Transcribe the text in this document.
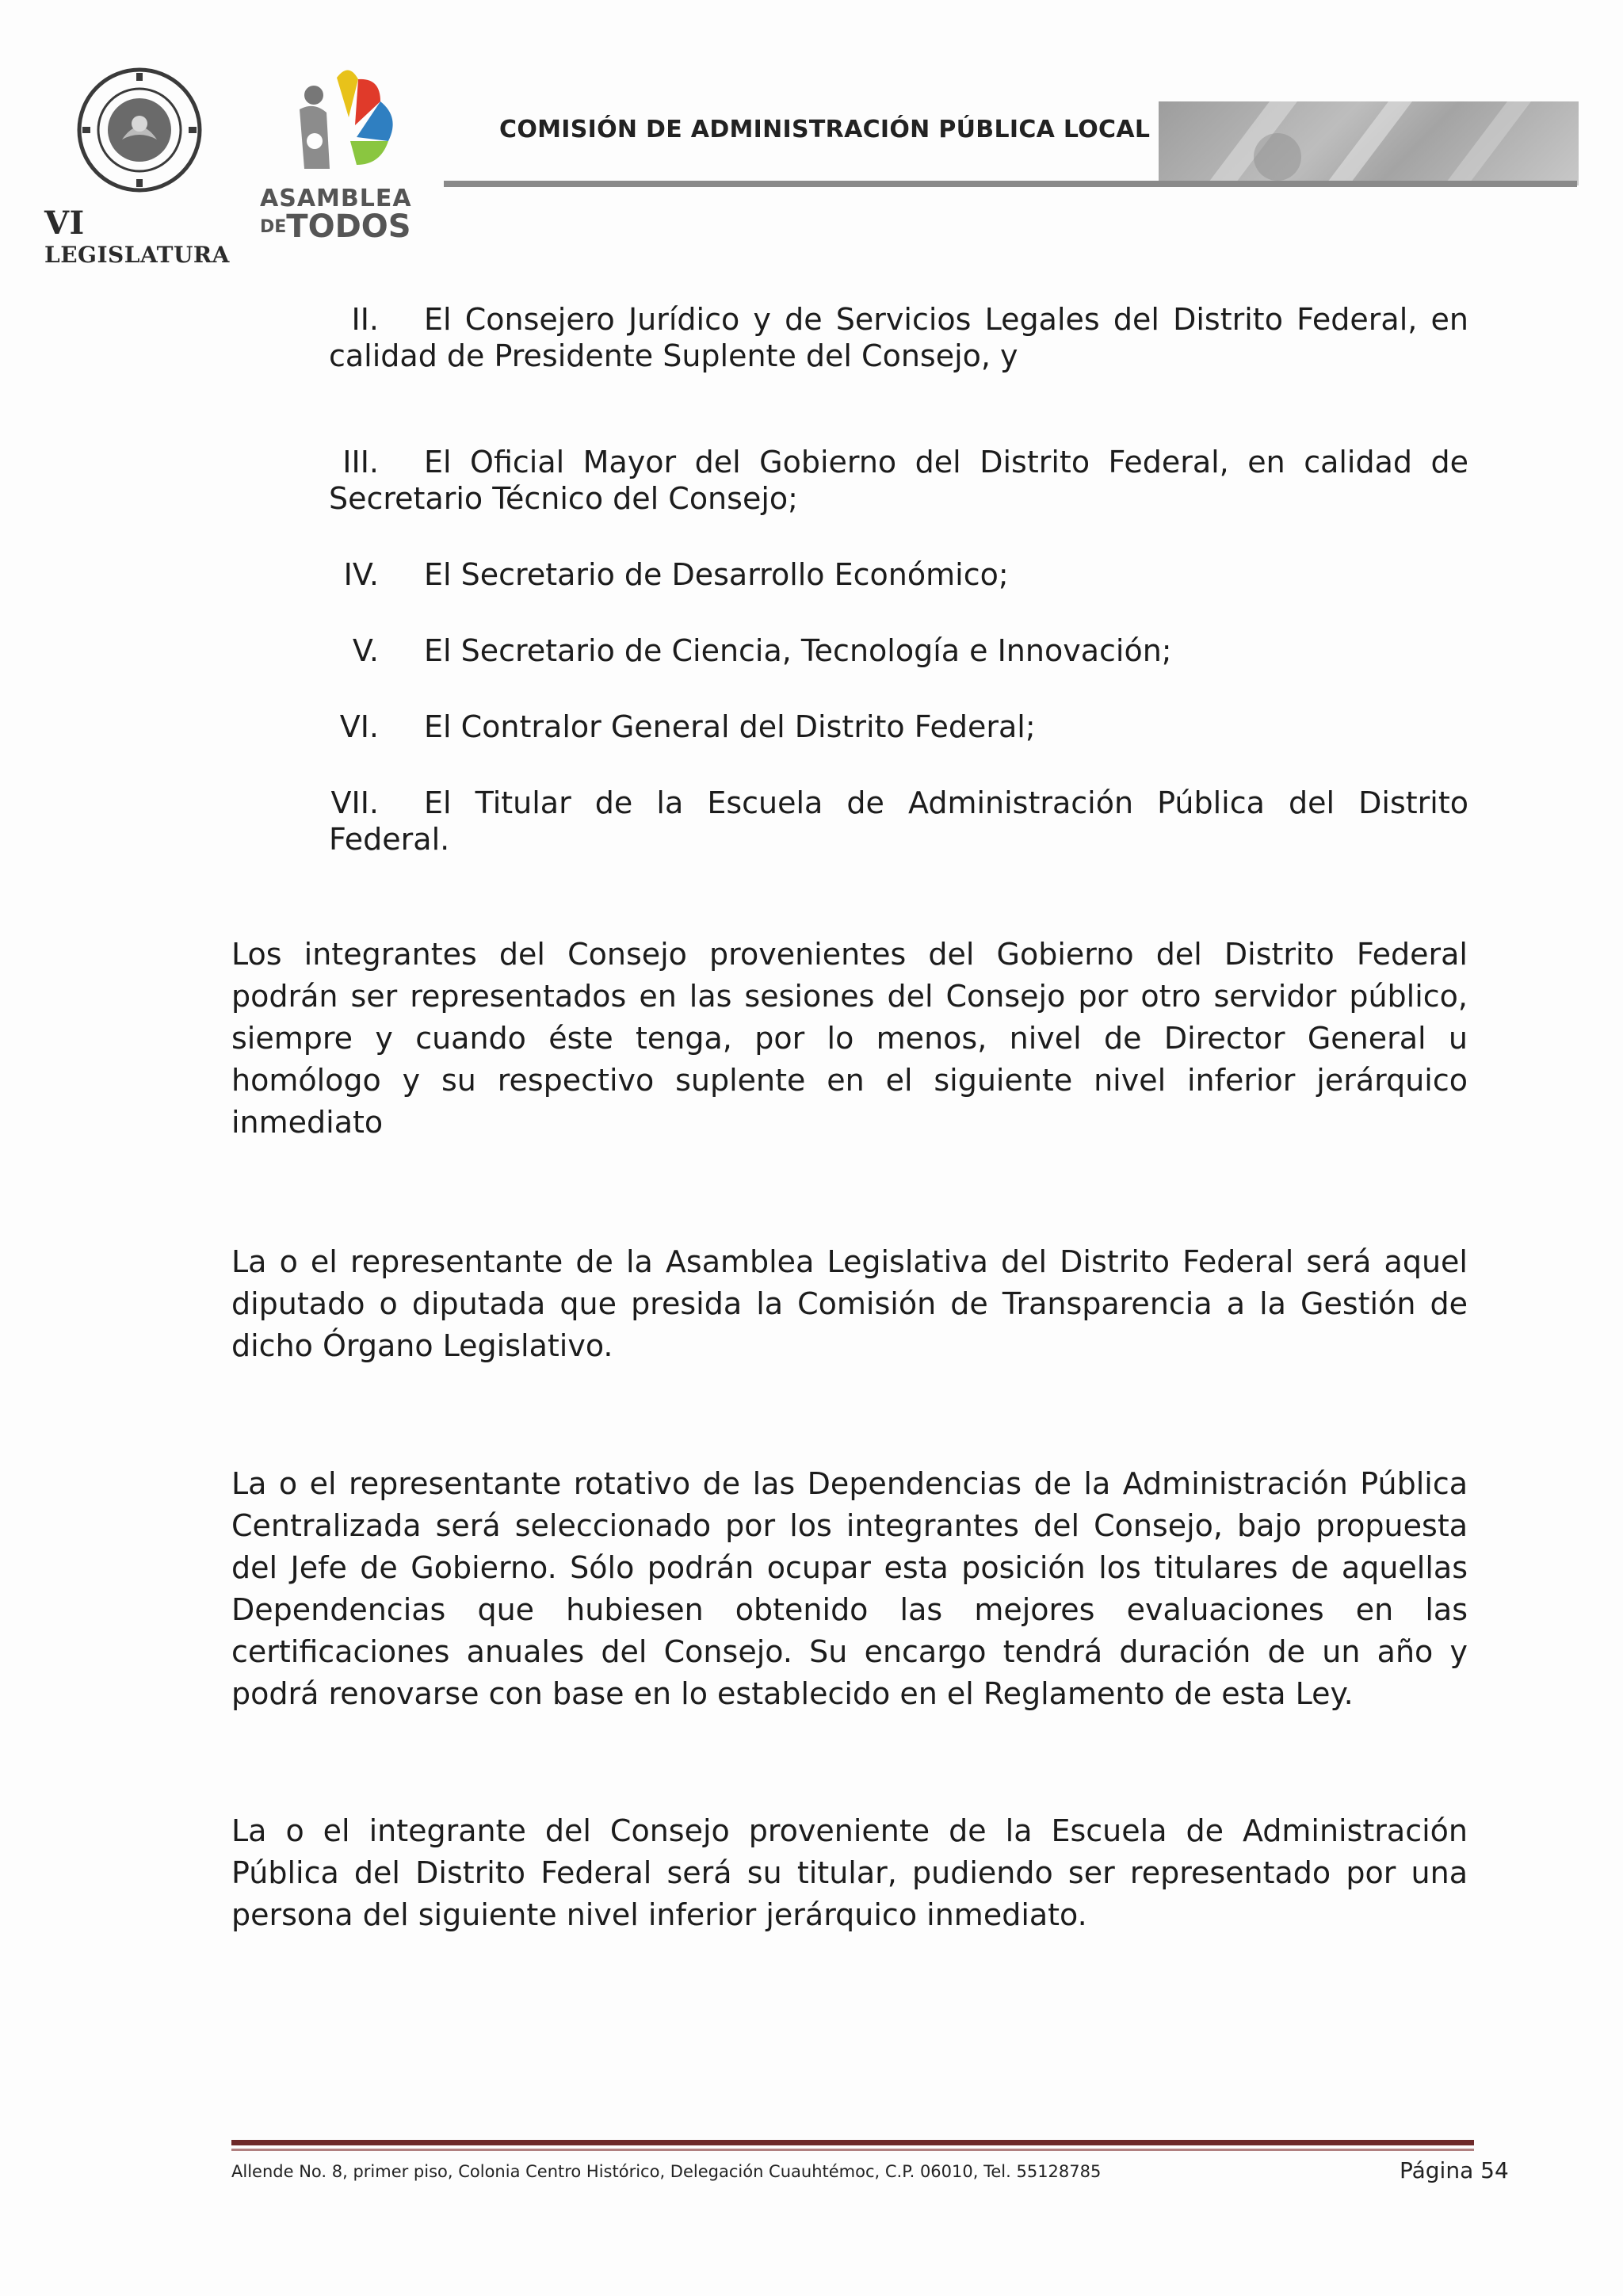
VI LEGISLATURA
ASAMBLEA
DETODOS
COMISIÓN DE ADMINISTRACIÓN PÚBLICA LOCAL
II.	El Consejero Jurídico y de Servicios Legales del Distrito Federal, en calidad de Presidente Suplente del Consejo, y
III.	El Oficial Mayor del Gobierno del Distrito Federal, en calidad de Secretario Técnico del Consejo;
IV. El Secretario de Desarrollo Económico;
V. El Secretario de Ciencia, Tecnología e Innovación;
VI. El Contralor General del Distrito Federal;
VII.	El Titular de la Escuela de Administración Pública del Distrito Federal.
Los integrantes del Consejo provenientes del Gobierno del Distrito Federal podrán ser representados en las sesiones del Consejo por otro servidor público, siempre y cuando éste tenga, por lo menos, nivel de Director General u homólogo y su respectivo suplente en el siguiente nivel inferior jerárquico inmediato
La o el representante de la Asamblea Legislativa del Distrito Federal será aquel diputado o diputada que presida la Comisión de Transparencia a la Gestión de dicho Órgano Legislativo.
La o el representante rotativo de las Dependencias de la Administración Pública Centralizada será seleccionado por los integrantes del Consejo, bajo propuesta del Jefe de Gobierno. Sólo podrán ocupar esta posición los titulares de aquellas Dependencias que hubiesen obtenido las mejores evaluaciones en las certificaciones anuales del Consejo. Su encargo tendrá duración de un año y podrá renovarse con base en lo establecido en el Reglamento de esta Ley.
La o el integrante del Consejo proveniente de la Escuela de Administración Pública del Distrito Federal será su titular, pudiendo ser representado por una persona del siguiente nivel inferior jerárquico inmediato.
Allende No. 8, primer piso, Colonia Centro Histórico, Delegación Cuauhtémoc, C.P. 06010, Tel. 55128785	Página 54
